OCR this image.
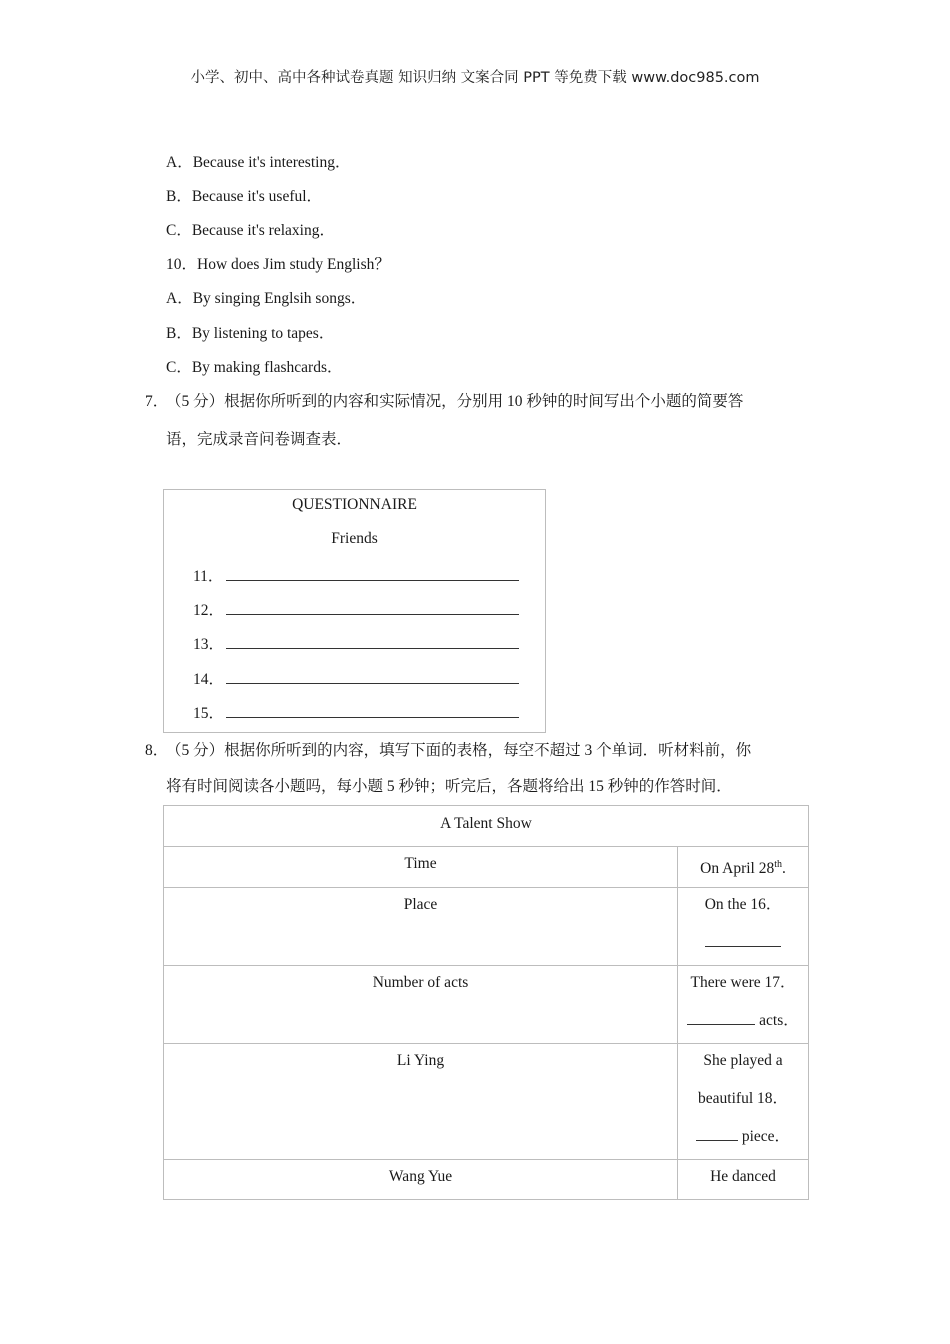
小学、初中、高中各种试卷真题 知识归纳 文案合同 PPT 等免费下载 www.doc985.com
A．Because it's interesting．
B．Because it's useful．
C．Because it's relaxing．
10．How does Jim study English？
A．By singing Englsih songs．
B．By listening to tapes．
C．By making flashcards．
7．
（5 分）根据你所听到的内容和实际情况，分别用 10 秒钟的时间写出个小题的简要答
语，完成录音问卷调查表．
QUESTIONNAIRE
Friends
11．
12．
13．
14．
15．
8．
（5 分）根据你所听到的内容，填写下面的表格，每空不超过 3 个单词．听材料前，你
将有时间阅读各小题吗，每小题 5 秒钟；听完后，各题将给出 15 秒钟的作答时间．
A Talent Show	

Time	On April 28th.

Place	On the 16．

Number of acts	There were 17．
acts．

Li Ying	She played a
beautiful 18．
piece．

Wang Yue	He danced
